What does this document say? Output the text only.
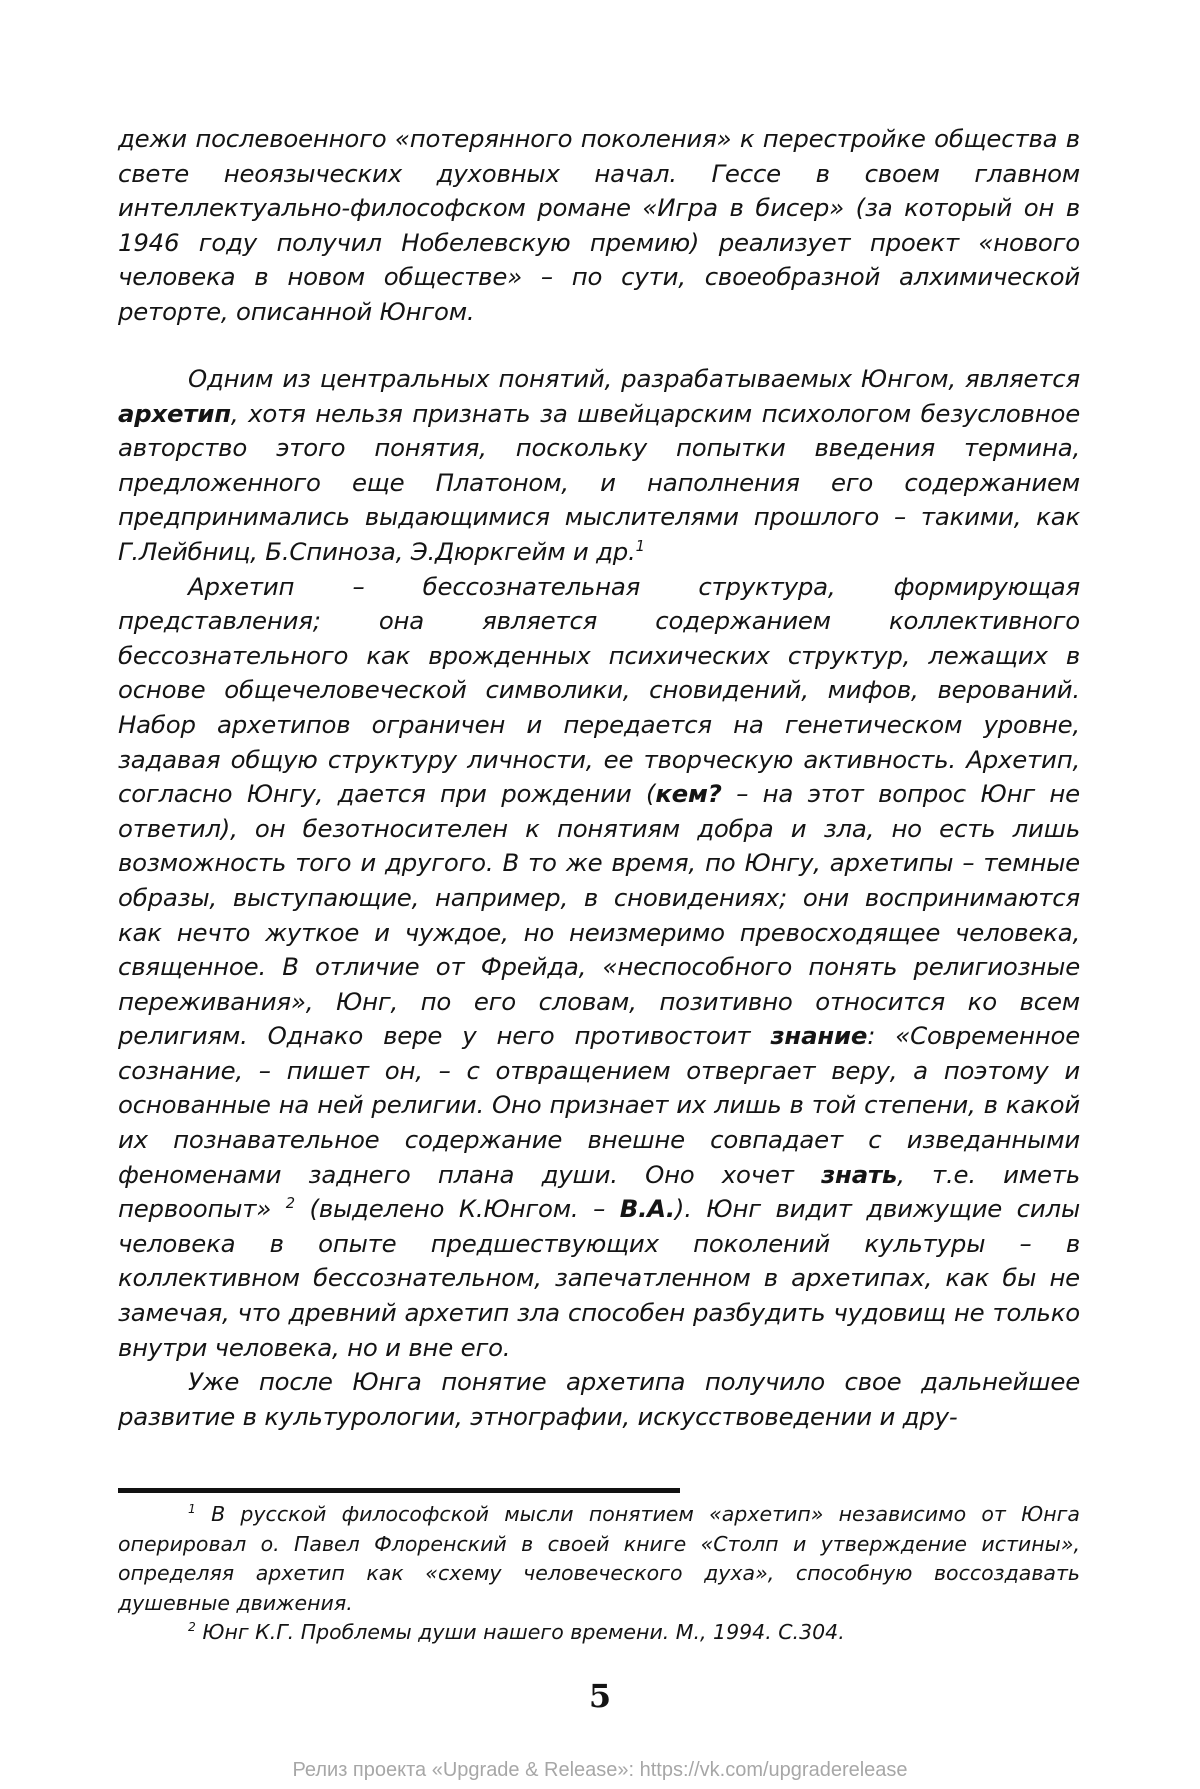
дежи послевоенного «потерянного поколения» к перестройке общества в свете неоязыческих духовных начал. Гессе в своем главном интеллектуально-философском романе «Игра в бисер» (за который он в 1946 году получил Нобелевскую премию) реализует проект «нового человека в новом обществе» – по сути, своеобразной алхимической реторте, описанной Юнгом.

Одним из центральных понятий, разрабатываемых Юнгом, является архетип, хотя нельзя признать за швейцарским психологом безусловное авторство этого понятия, поскольку попытки введения термина, предложенного еще Платоном, и наполнения его содержанием предпринимались выдающимися мыслителями прошлого – такими, как Г.Лейбниц, Б.Спиноза, Э.Дюркгейм и др.$^1$

Архетип – бессознательная структура, формирующая представления; она является содержанием коллективного бессознательного как врожденных психических структур, лежащих в основе общечеловеческой символики, сновидений, мифов, верований. Набор архетипов ограничен и передается на генетическом уровне, задавая общую структуру личности, ее творческую активность. Архетип, согласно Юнгу, дается при рождении (кем? – на этот вопрос Юнг не ответил), он безотносителен к понятиям добра и зла, но есть лишь возможность того и другого. В то же время, по Юнгу, архетипы – темные образы, выступающие, например, в сновидениях; они воспринимаются как нечто жуткое и чуждое, но неизмеримо превосходящее человека, священное. В отличие от Фрейда, «неспособного понять религиозные переживания», Юнг, по его словам, позитивно относится ко всем религиям. Однако вере у него противостоит знание: «Современное сознание, – пишет он, – с отвращением отвергает веру, а поэтому и основанные на ней религии. Оно признает их лишь в той степени, в какой их познавательное содержание внешне совпадает с изведанными феноменами заднего плана души. Оно хочет знать, т.е. иметь первоопыт» $^2$ (выделено К.Юнгом. – В.А.). Юнг видит движущие силы человека в опыте предшествующих поколений культуры – в коллективном бессознательном, запечатленном в архетипах, как бы не замечая, что древний архетип зла способен разбудить чудовищ не только внутри человека, но и вне его.

Уже после Юнга понятие архетипа получило свое дальнейшее развитие в культурологии, этнографии, искусствоведении и дру-

$^1$ В русской философской мысли понятием «архетип» независимо от Юнга оперировал о. Павел Флоренский в своей книге «Столп и утверждение истины», определяя архетип как «схему человеческого духа», способную воссоздавать душевные движения.

$^2$ Юнг К.Г. Проблемы души нашего времени. М., 1994. С.304.

5
Релиз проекта «Upgrade & Release»: https://vk.com/upgraderelease
